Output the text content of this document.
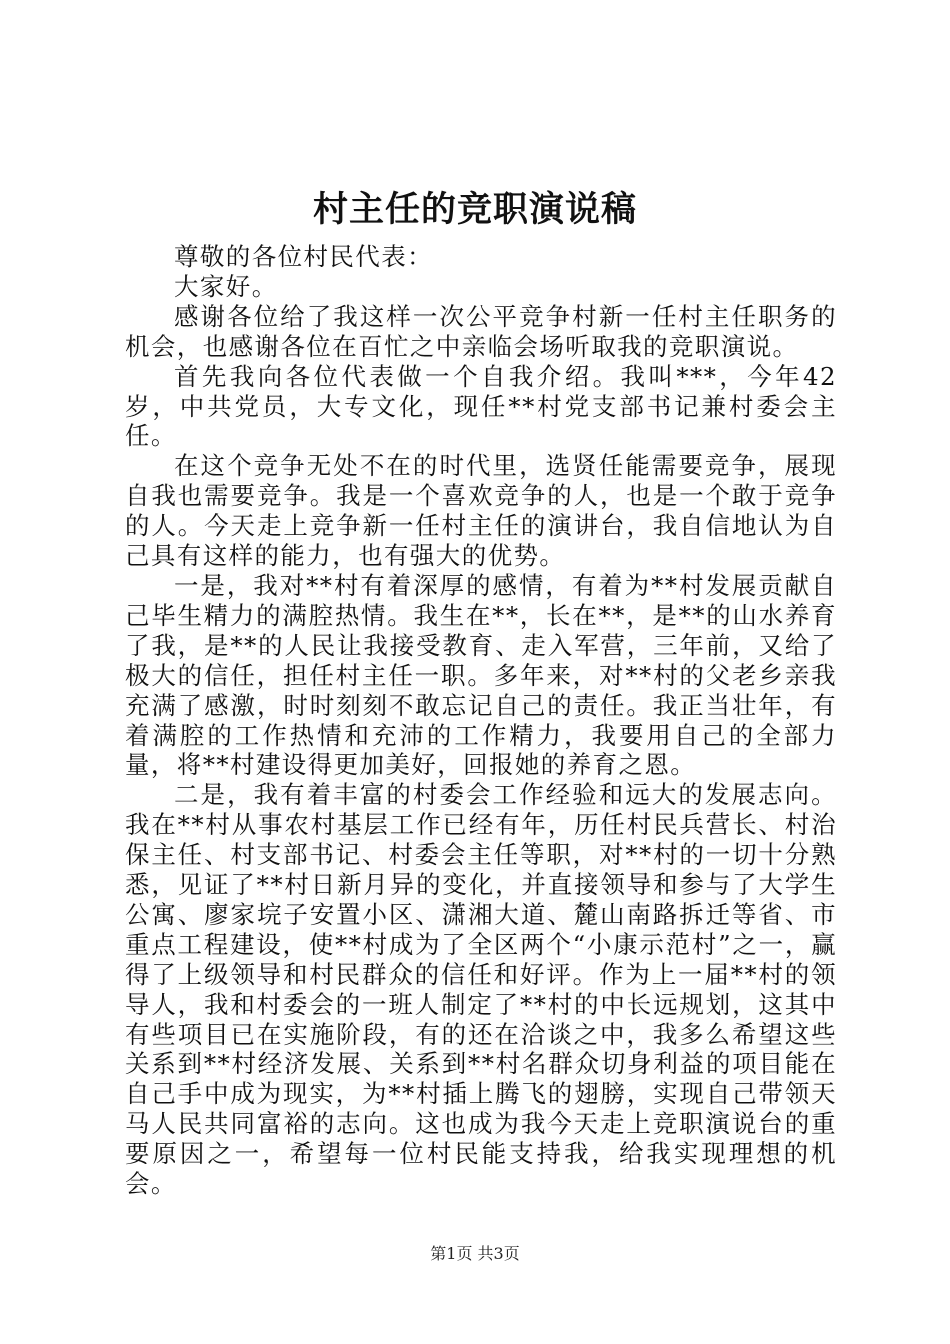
村主任的竞职演说稿

尊敬的各位村民代表：

大家好。

感谢各位给了我这样一次公平竞争村新一任村主任职务的机会，也感谢各位在百忙之中亲临会场听取我的竞职演说。

首先我向各位代表做一个自我介绍。我叫***，今年42岁，中共党员，大专文化，现任**村党支部书记兼村委会主任。

在这个竞争无处不在的时代里，选贤任能需要竞争，展现自我也需要竞争。我是一个喜欢竞争的人，也是一个敢于竞争的人。今天走上竞争新一任村主任的演讲台，我自信地认为自己具有这样的能力，也有强大的优势。

一是，我对**村有着深厚的感情，有着为**村发展贡献自己毕生精力的满腔热情。我生在**，长在**，是**的山水养育了我，是**的人民让我接受教育、走入军营，三年前，又给了极大的信任，担任村主任一职。多年来，对**村的父老乡亲我充满了感激，时时刻刻不敢忘记自己的责任。我正当壮年，有着满腔的工作热情和充沛的工作精力，我要用自己的全部力量，将**村建设得更加美好，回报她的养育之恩。

二是，我有着丰富的村委会工作经验和远大的发展志向。我在**村从事农村基层工作已经有年，历任村民兵营长、村治保主任、村支部书记、村委会主任等职，对**村的一切十分熟悉，见证了**村日新月异的变化，并直接领导和参与了大学生公寓、廖家垸子安置小区、潇湘大道、麓山南路拆迁等省、市重点工程建设，使**村成为了全区两个“小康示范村”之一，赢得了上级领导和村民群众的信任和好评。作为上一届**村的领导人，我和村委会的一班人制定了**村的中长远规划，这其中有些项目已在实施阶段，有的还在洽谈之中，我多么希望这些关系到**村经济发展、关系到**村名群众切身利益的项目能在自己手中成为现实，为**村插上腾飞的翅膀，实现自己带领天马人民共同富裕的志向。这也成为我今天走上竞职演说台的重要原因之一，希望每一位村民能支持我，给我实现理想的机会。

第1页 共3页
